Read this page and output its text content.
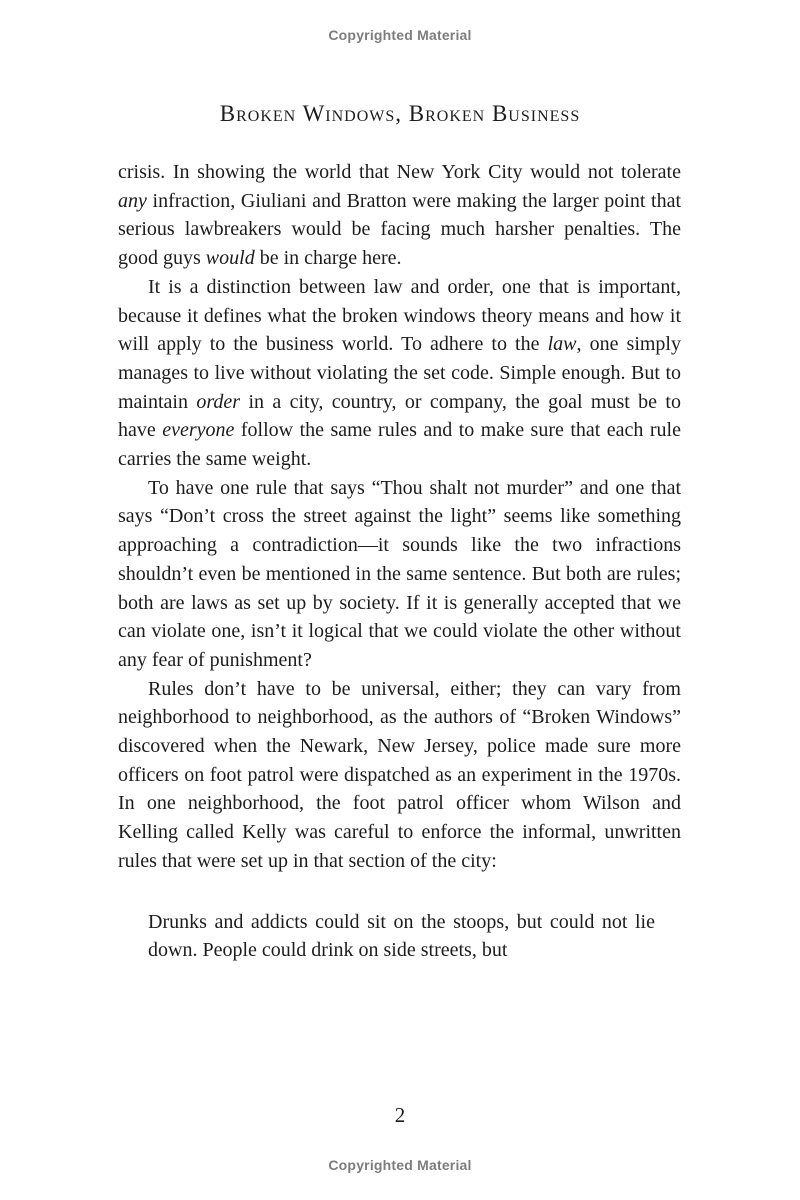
Copyrighted Material
Broken Windows, Broken Business

crisis. In showing the world that New York City would not tolerate any infraction, Giuliani and Bratton were making the larger point that serious lawbreakers would be facing much harsher penalties. The good guys would be in charge here.

It is a distinction between law and order, one that is important, because it defines what the broken windows theory means and how it will apply to the business world. To adhere to the law, one simply manages to live without violating the set code. Simple enough. But to maintain order in a city, country, or company, the goal must be to have everyone follow the same rules and to make sure that each rule carries the same weight.

To have one rule that says “Thou shalt not murder” and one that says “Don’t cross the street against the light” seems like something approaching a contradiction—it sounds like the two infractions shouldn’t even be mentioned in the same sentence. But both are rules; both are laws as set up by society. If it is generally accepted that we can violate one, isn’t it logical that we could violate the other without any fear of punishment?

Rules don’t have to be universal, either; they can vary from neighborhood to neighborhood, as the authors of “Broken Windows” discovered when the Newark, New Jersey, police made sure more officers on foot patrol were dispatched as an experiment in the 1970s. In one neighborhood, the foot patrol officer whom Wilson and Kelling called Kelly was careful to enforce the informal, unwritten rules that were set up in that section of the city:

Drunks and addicts could sit on the stoops, but could not lie down. People could drink on side streets, but

2
Copyrighted Material
